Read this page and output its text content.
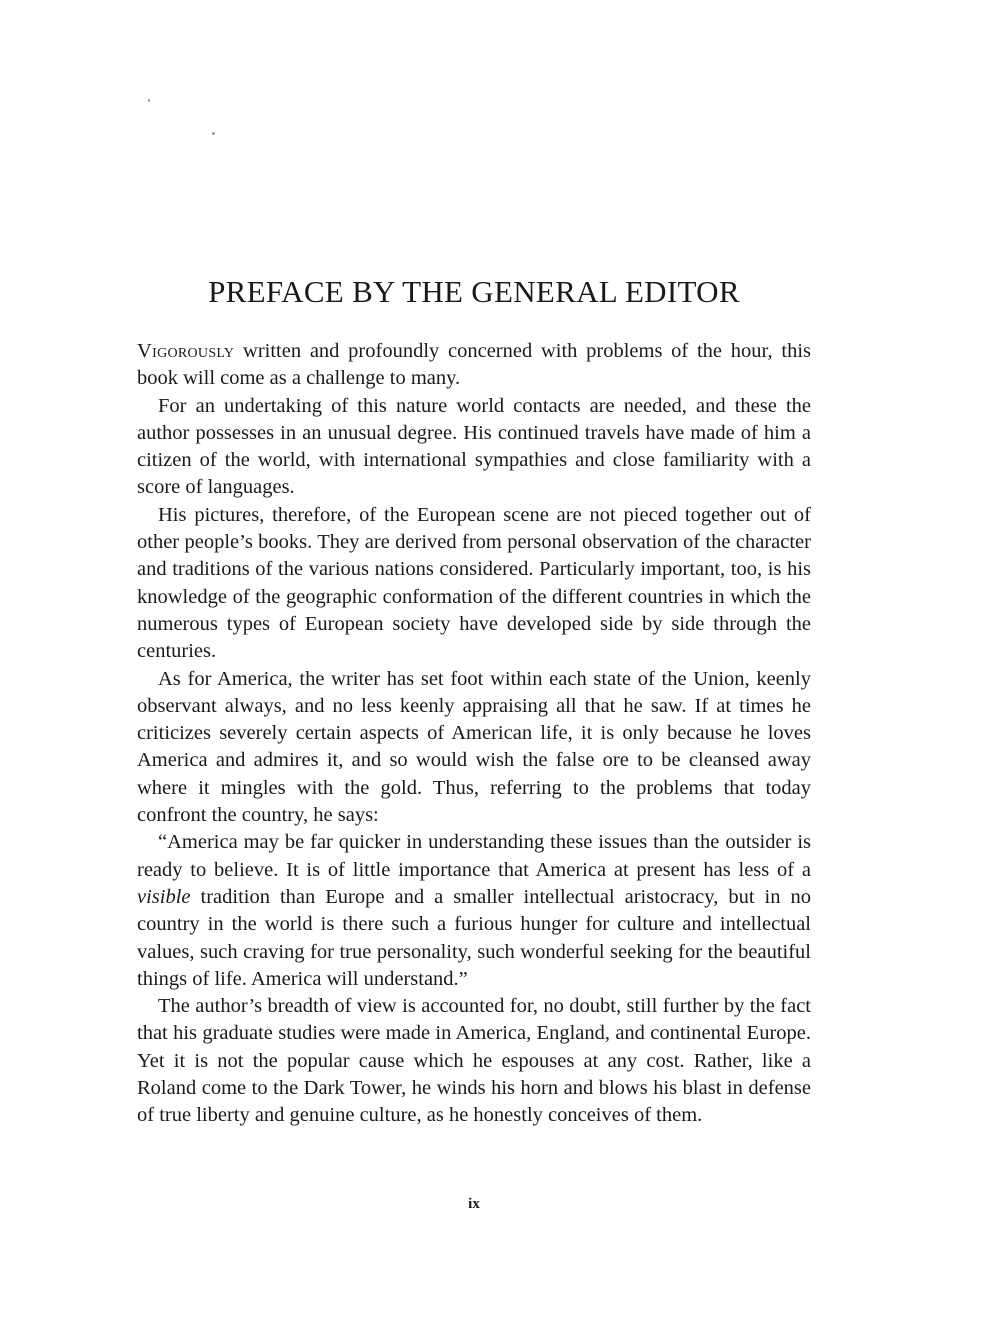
PREFACE BY THE GENERAL EDITOR

Vigorously written and profoundly concerned with problems of the hour, this book will come as a challenge to many.

For an undertaking of this nature world contacts are needed, and these the author possesses in an unusual degree. His continued travels have made of him a citizen of the world, with international sympathies and close familiarity with a score of languages.

His pictures, therefore, of the European scene are not pieced together out of other people’s books. They are derived from personal observation of the character and traditions of the various nations considered. Particularly important, too, is his knowledge of the geographic conformation of the different countries in which the numerous types of European society have developed side by side through the centuries.

As for America, the writer has set foot within each state of the Union, keenly observant always, and no less keenly appraising all that he saw. If at times he criticizes severely certain aspects of American life, it is only because he loves America and admires it, and so would wish the false ore to be cleansed away where it mingles with the gold. Thus, referring to the problems that today confront the country, he says:

“America may be far quicker in understanding these issues than the outsider is ready to believe. It is of little importance that America at present has less of a visible tradition than Europe and a smaller intellectual aristocracy, but in no country in the world is there such a furious hunger for culture and intellectual values, such craving for true personality, such wonderful seeking for the beautiful things of life. America will understand.”

The author’s breadth of view is accounted for, no doubt, still further by the fact that his graduate studies were made in America, England, and continental Europe. Yet it is not the popular cause which he espouses at any cost. Rather, like a Roland come to the Dark Tower, he winds his horn and blows his blast in defense of true liberty and genuine culture, as he honestly conceives of them.

ix
